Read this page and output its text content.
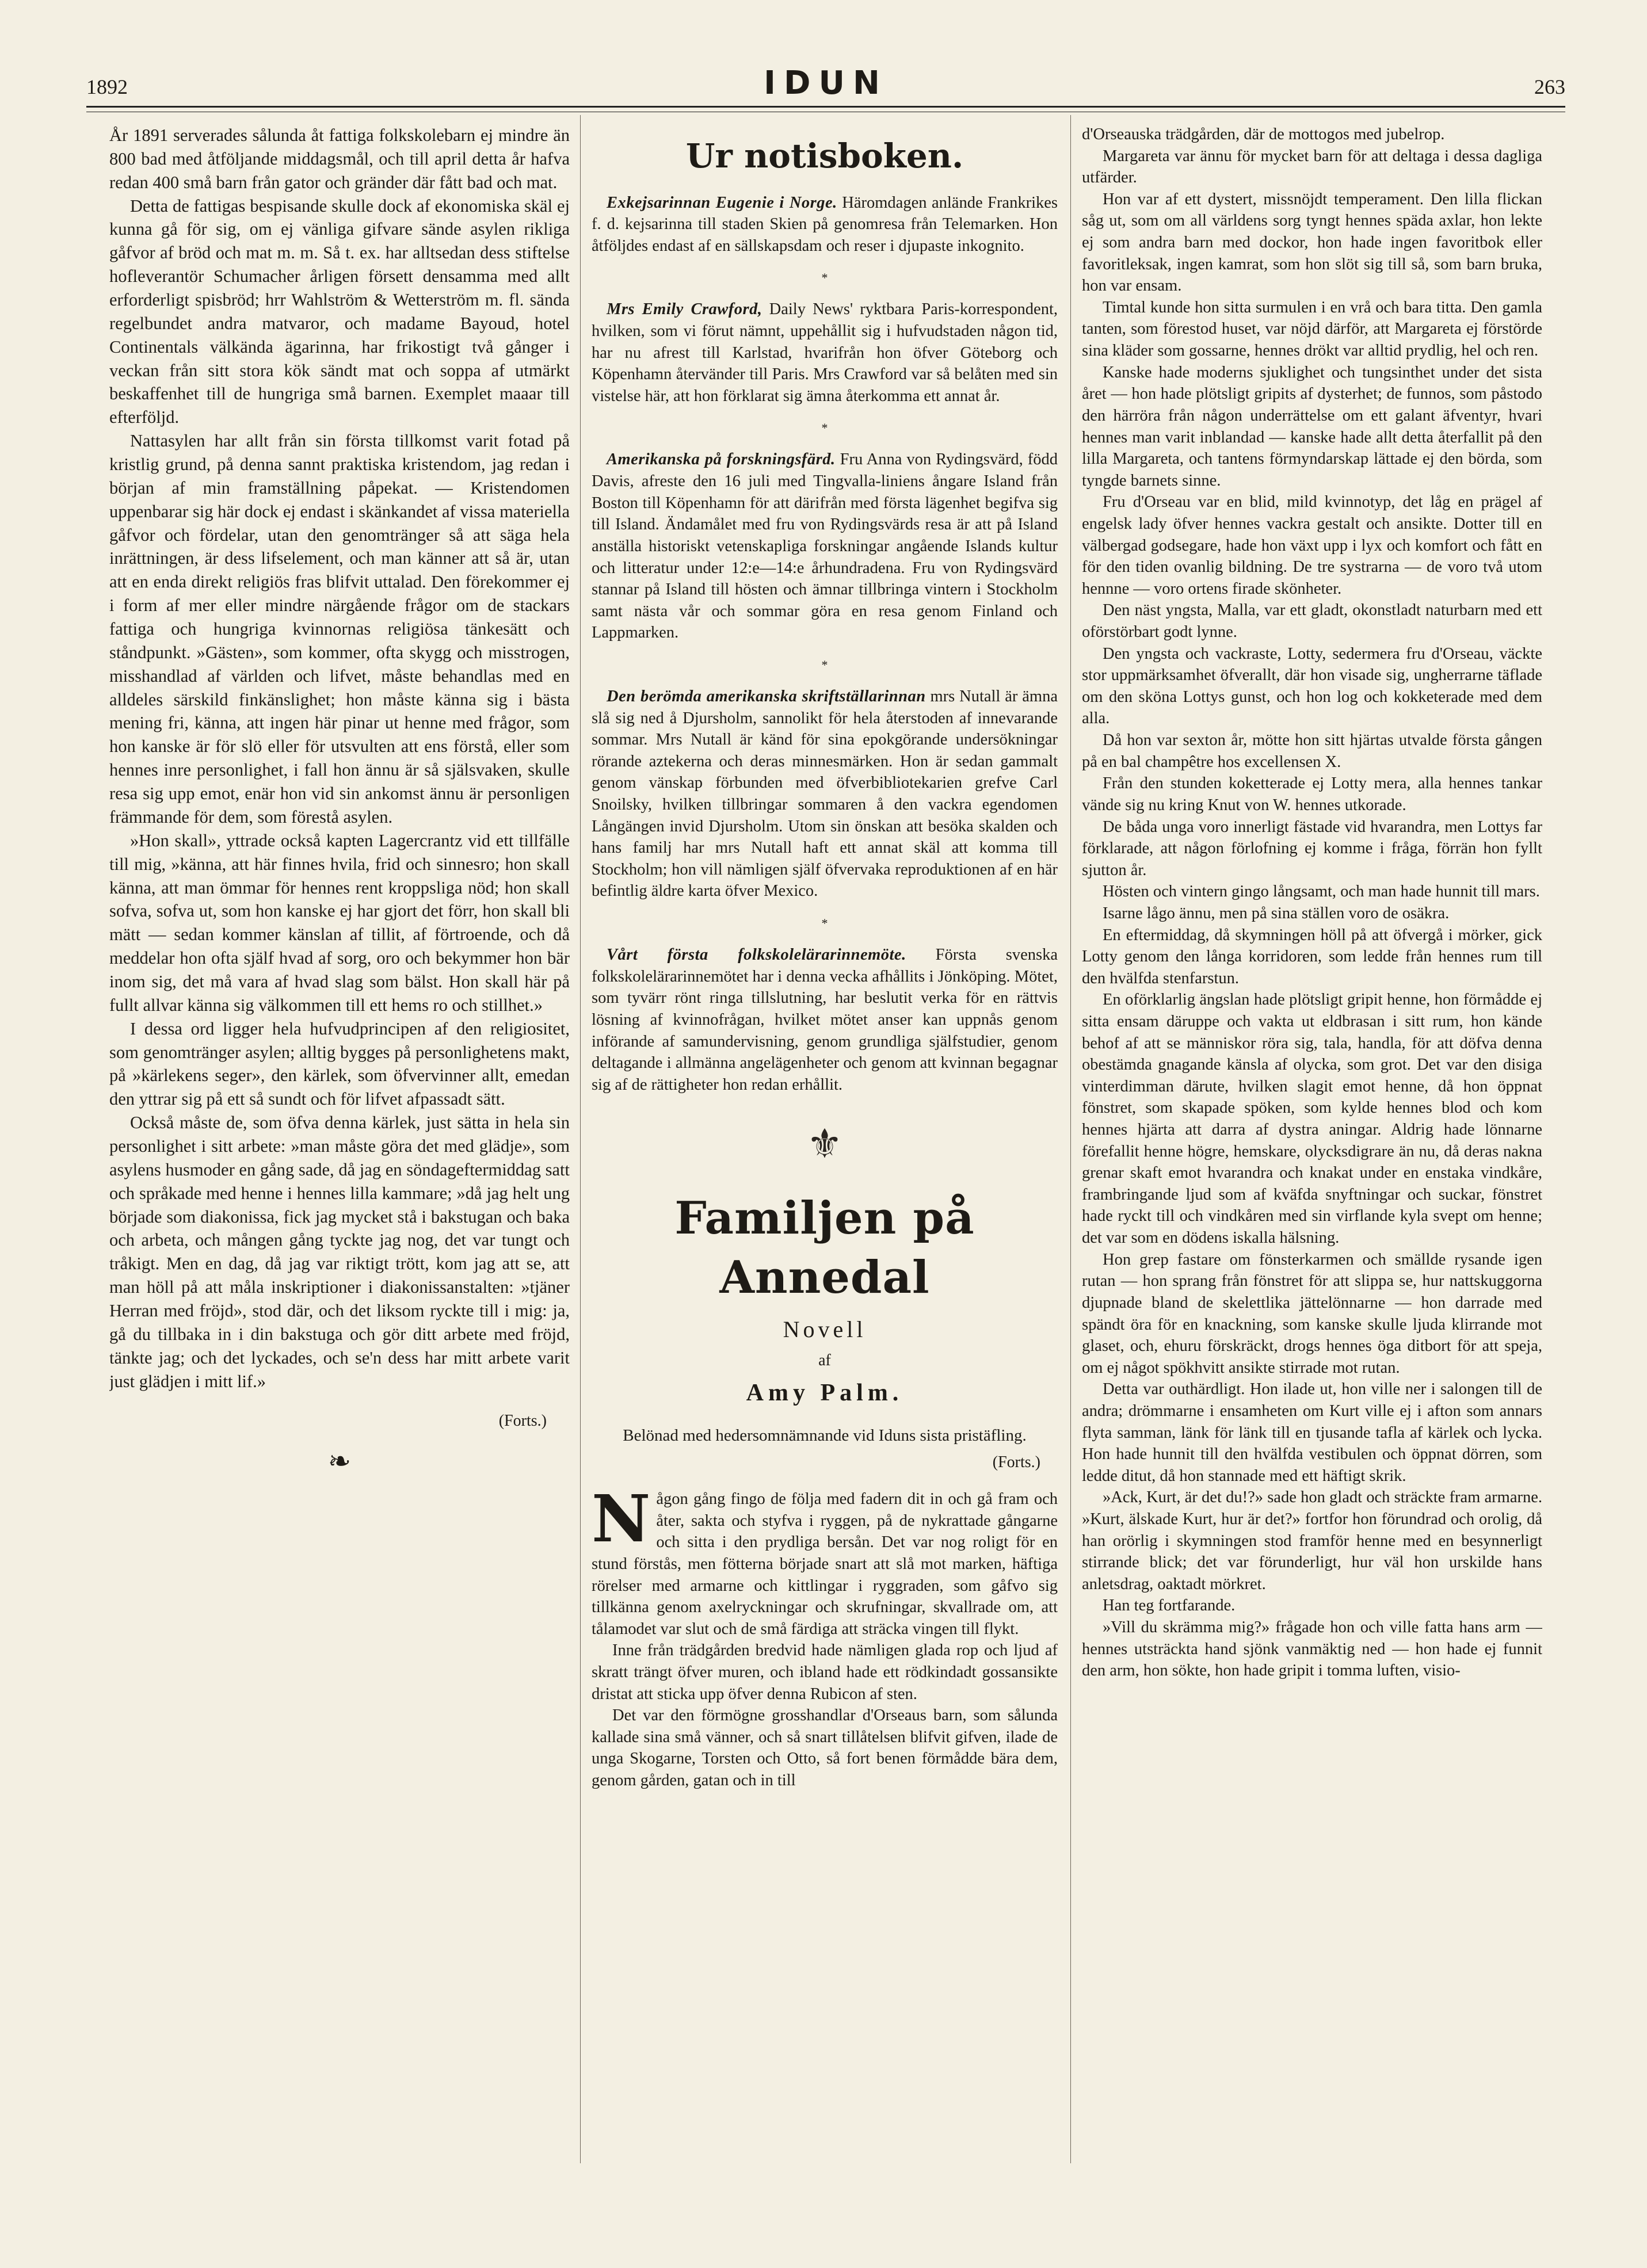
1892	IDUN	263

År 1891 serverades sålunda åt fattiga folkskolebarn ej mindre än 800 bad med åtföljande middagsmål, och till april detta år hafva redan 400 små barn från gator och gränder där fått bad och mat.

Detta de fattigas bespisande skulle dock af ekonomiska skäl ej kunna gå för sig, om ej vänliga gifvare sände asylen rikliga gåfvor af bröd och mat m. m. Så t. ex. har alltsedan dess stiftelse hofleverantör Schumacher årligen försett densamma med allt erforderligt spisbröd; hrr Wahlström & Wetterström m. fl. sända regelbundet andra matvaror, och madame Bayoud, hotel Continentals välkända ägarinna, har frikostigt två gånger i veckan från sitt stora kök sändt mat och soppa af utmärkt beskaffenhet till de hungriga små barnen. Exemplet maaar till efterföljd.

Nattasylen har allt från sin första tillkomst varit fotad på kristlig grund, på denna sannt praktiska kristendom, jag redan i början af min framställning påpekat. — Kristendomen uppenbarar sig här dock ej endast i skänkandet af vissa materiella gåfvor och fördelar, utan den genomtränger så att säga hela inrättningen, är dess lifselement, och man känner att så är, utan att en enda direkt religiös fras blifvit uttalad. Den förekommer ej i form af mer eller mindre närgående frågor om de stackars fattiga och hungriga kvinnornas religiösa tänkesätt och ståndpunkt. »Gästen», som kommer, ofta skygg och misstrogen, misshandlad af världen och lifvet, måste behandlas med en alldeles särskild finkänslighet; hon måste känna sig i bästa mening fri, känna, att ingen här pinar ut henne med frågor, som hon kanske är för slö eller för utsvulten att ens förstå, eller som hennes inre personlighet, i fall hon ännu är så själsvaken, skulle resa sig upp emot, enär hon vid sin ankomst ännu är personligen främmande för dem, som förestå asylen.

»Hon skall», yttrade också kapten Lagercrantz vid ett tillfälle till mig, »känna, att här finnes hvila, frid och sinnesro; hon skall känna, att man ömmar för hennes rent kroppsliga nöd; hon skall sofva, sofva ut, som hon kanske ej har gjort det förr, hon skall bli mätt — sedan kommer känslan af tillit, af förtroende, och då meddelar hon ofta själf hvad af sorg, oro och bekymmer hon bär inom sig, det må vara af hvad slag som bälst. Hon skall här på fullt allvar känna sig välkommen till ett hems ro och stillhet.»

I dessa ord ligger hela hufvudprincipen af den religiositet, som genomtränger asylen; alltig bygges på personlighetens makt, på »kärlekens seger», den kärlek, som öfvervinner allt, emedan den yttrar sig på ett så sundt och för lifvet afpassadt sätt.

Också måste de, som öfva denna kärlek, just sätta in hela sin personlighet i sitt arbete: »man måste göra det med glädje», som asylens husmoder en gång sade, då jag en söndageftermiddag satt och språkade med henne i hennes lilla kammare; »då jag helt ung började som diakonissa, fick jag mycket stå i bakstugan och baka och arbeta, och mången gång tyckte jag nog, det var tungt och tråkigt. Men en dag, då jag var riktigt trött, kom jag att se, att man höll på att måla inskriptioner i diakonissanstalten: »tjäner Herran med fröjd», stod där, och det liksom ryckte till i mig: ja, gå du tillbaka in i din bakstuga och gör ditt arbete med fröjd, tänkte jag; och det lyckades, och se'n dess har mitt arbete varit just glädjen i mitt lif.»

(Forts.)
❧
Ur notisboken.

Exkejsarinnan Eugenie i Norge. Häromdagen anlände Frankrikes f. d. kejsarinna till staden Skien på genomresa från Telemarken. Hon åtföljdes endast af en sällskapsdam och reser i djupaste inkognito.

*

Mrs Emily Crawford, Daily News' ryktbara Paris-korrespondent, hvilken, som vi förut nämnt, uppehållit sig i hufvudstaden någon tid, har nu afrest till Karlstad, hvarifrån hon öfver Göteborg och Köpenhamn återvänder till Paris. Mrs Crawford var så belåten med sin vistelse här, att hon förklarat sig ämna återkomma ett annat år.

*

Amerikanska på forskningsfärd. Fru Anna von Rydingsvärd, född Davis, afreste den 16 juli med Tingvalla-liniens ångare Island från Boston till Köpenhamn för att därifrån med första lägenhet begifva sig till Island. Ändamålet med fru von Rydingsvärds resa är att på Island anställa historiskt vetenskapliga forskningar angående Islands kultur och litteratur under 12:e—14:e århundradena. Fru von Rydingsvärd stannar på Island till hösten och ämnar tillbringa vintern i Stockholm samt nästa vår och sommar göra en resa genom Finland och Lappmarken.

*

Den berömda amerikanska skriftställarinnan mrs Nutall är ämna slå sig ned å Djursholm, sannolikt för hela återstoden af innevarande sommar. Mrs Nutall är känd för sina epokgörande undersökningar rörande aztekerna och deras minnesmärken. Hon är sedan gammalt genom vänskap förbunden med öfverbibliotekarien grefve Carl Snoilsky, hvilken tillbringar sommaren å den vackra egendomen Långängen invid Djursholm. Utom sin önskan att besöka skalden och hans familj har mrs Nutall haft ett annat skäl att komma till Stockholm; hon vill nämligen själf öfvervaka reproduktionen af en här befintlig äldre karta öfver Mexico.

*

Vårt första folkskolelärarinnemöte. Första svenska folkskolelärarinnemötet har i denna vecka afhållits i Jönköping. Mötet, som tyvärr rönt ringa tillslutning, har beslutit verka för en rättvis lösning af kvinnofrågan, hvilket mötet anser kan uppnås genom införande af samundervisning, genom grundliga själfstudier, genom deltagande i allmänna angelägenheter och genom att kvinnan begagnar sig af de rättigheter hon redan erhållit.

⚜
Familjen på Annedal
Novell
af
Amy Palm.
Belönad med hedersomnämnande vid Iduns sista pristäfling.
(Forts.)

Någon gång fingo de följa med fadern dit in och gå fram och åter, sakta och styfva i ryggen, på de nykrattade gångarne och sitta i den prydliga bersån. Det var nog roligt för en stund förstås, men fötterna började snart att slå mot marken, häftiga rörelser med armarne och kittlingar i ryggraden, som gåfvo sig tillkänna genom axelryckningar och skrufningar, skvallrade om, att tålamodet var slut och de små färdiga att sträcka vingen till flykt.

Inne från trädgården bredvid hade nämligen glada rop och ljud af skratt trängt öfver muren, och ibland hade ett rödkindadt gossansikte dristat att sticka upp öfver denna Rubicon af sten.

Det var den förmögne grosshandlar d'Orseaus barn, som sålunda kallade sina små vänner, och så snart tillåtelsen blifvit gifven, ilade de unga Skogarne, Torsten och Otto, så fort benen förmådde bära dem, genom gården, gatan och in till

d'Orseauska trädgården, där de mottogos med jubelrop.

Margareta var ännu för mycket barn för att deltaga i dessa dagliga utfärder.

Hon var af ett dystert, missnöjdt temperament. Den lilla flickan såg ut, som om all världens sorg tyngt hennes späda axlar, hon lekte ej som andra barn med dockor, hon hade ingen favoritbok eller favoritleksak, ingen kamrat, som hon slöt sig till så, som barn bruka, hon var ensam.

Timtal kunde hon sitta surmulen i en vrå och bara titta. Den gamla tanten, som förestod huset, var nöjd därför, att Margareta ej förstörde sina kläder som gossarne, hennes drökt var alltid prydlig, hel och ren.

Kanske hade moderns sjuklighet och tungsinthet under det sista året — hon hade plötsligt gripits af dysterhet; de funnos, som påstodo den härröra från någon underrättelse om ett galant äfventyr, hvari hennes man varit inblandad — kanske hade allt detta återfallit på den lilla Margareta, och tantens förmyndarskap lättade ej den börda, som tyngde barnets sinne.

Fru d'Orseau var en blid, mild kvinnotyp, det låg en prägel af engelsk lady öfver hennes vackra gestalt och ansikte. Dotter till en välbergad godsegare, hade hon växt upp i lyx och komfort och fått en för den tiden ovanlig bildning. De tre systrarna — de voro två utom hennne — voro ortens firade skönheter.

Den näst yngsta, Malla, var ett gladt, okonstladt naturbarn med ett oförstörbart godt lynne.

Den yngsta och vackraste, Lotty, sedermera fru d'Orseau, väckte stor uppmärksamhet öfverallt, där hon visade sig, ungherrarne täflade om den sköna Lottys gunst, och hon log och kokketerade med dem alla.

Då hon var sexton år, mötte hon sitt hjärtas utvalde första gången på en bal champêtre hos excellensen X.

Från den stunden koketterade ej Lotty mera, alla hennes tankar vände sig nu kring Knut von W. hennes utkorade.

De båda unga voro innerligt fästade vid hvarandra, men Lottys far förklarade, att någon förlofning ej komme i fråga, förrän hon fyllt sjutton år.

Hösten och vintern gingo långsamt, och man hade hunnit till mars.

Isarne lågo ännu, men på sina ställen voro de osäkra.

En eftermiddag, då skymningen höll på att öfvergå i mörker, gick Lotty genom den långa korridoren, som ledde från hennes rum till den hvälfda stenfarstun.

En oförklarlig ängslan hade plötsligt gripit henne, hon förmådde ej sitta ensam däruppe och vakta ut eldbrasan i sitt rum, hon kände behof af att se människor röra sig, tala, handla, för att döfva denna obestämda gnagande känsla af olycka, som grot. Det var den disiga vinterdimman därute, hvilken slagit emot henne, då hon öppnat fönstret, som skapade spöken, som kylde hennes blod och kom hennes hjärta att darra af dystra aningar. Aldrig hade lönnarne förefallit henne högre, hemskare, olycksdigrare än nu, då deras nakna grenar skaft emot hvarandra och knakat under en enstaka vindkåre, frambringande ljud som af kväfda snyftningar och suckar, fönstret hade ryckt till och vindkåren med sin virflande kyla svept om henne; det var som en dödens iskalla hälsning.

Hon grep fastare om fönsterkarmen och smällde rysande igen rutan — hon sprang från fönstret för att slippa se, hur nattskuggorna djupnade bland de skelettlika jättelönnarne — hon darrade med spändt öra för en knackning, som kanske skulle ljuda klirrande mot glaset, och, ehuru förskräckt, drogs hennes öga ditbort för att speja, om ej något spökhvitt ansikte stirrade mot rutan.

Detta var outhärdligt. Hon ilade ut, hon ville ner i salongen till de andra; drömmarne i ensamheten om Kurt ville ej i afton som annars flyta samman, länk för länk till en tjusande tafla af kärlek och lycka. Hon hade hunnit till den hvälfda vestibulen och öppnat dörren, som ledde ditut, då hon stannade med ett häftigt skrik.

»Ack, Kurt, är det du!?» sade hon gladt och sträckte fram armarne. »Kurt, älskade Kurt, hur är det?» fortfor hon förundrad och orolig, då han orörlig i skymningen stod framför henne med en besynnerligt stirrande blick; det var förunderligt, hur väl hon urskilde hans anletsdrag, oaktadt mörkret.

Han teg fortfarande.

»Vill du skrämma mig?» frågade hon och ville fatta hans arm — hennes utsträckta hand sjönk vanmäktig ned — hon hade ej funnit den arm, hon sökte, hon hade gripit i tomma luften, visio-
